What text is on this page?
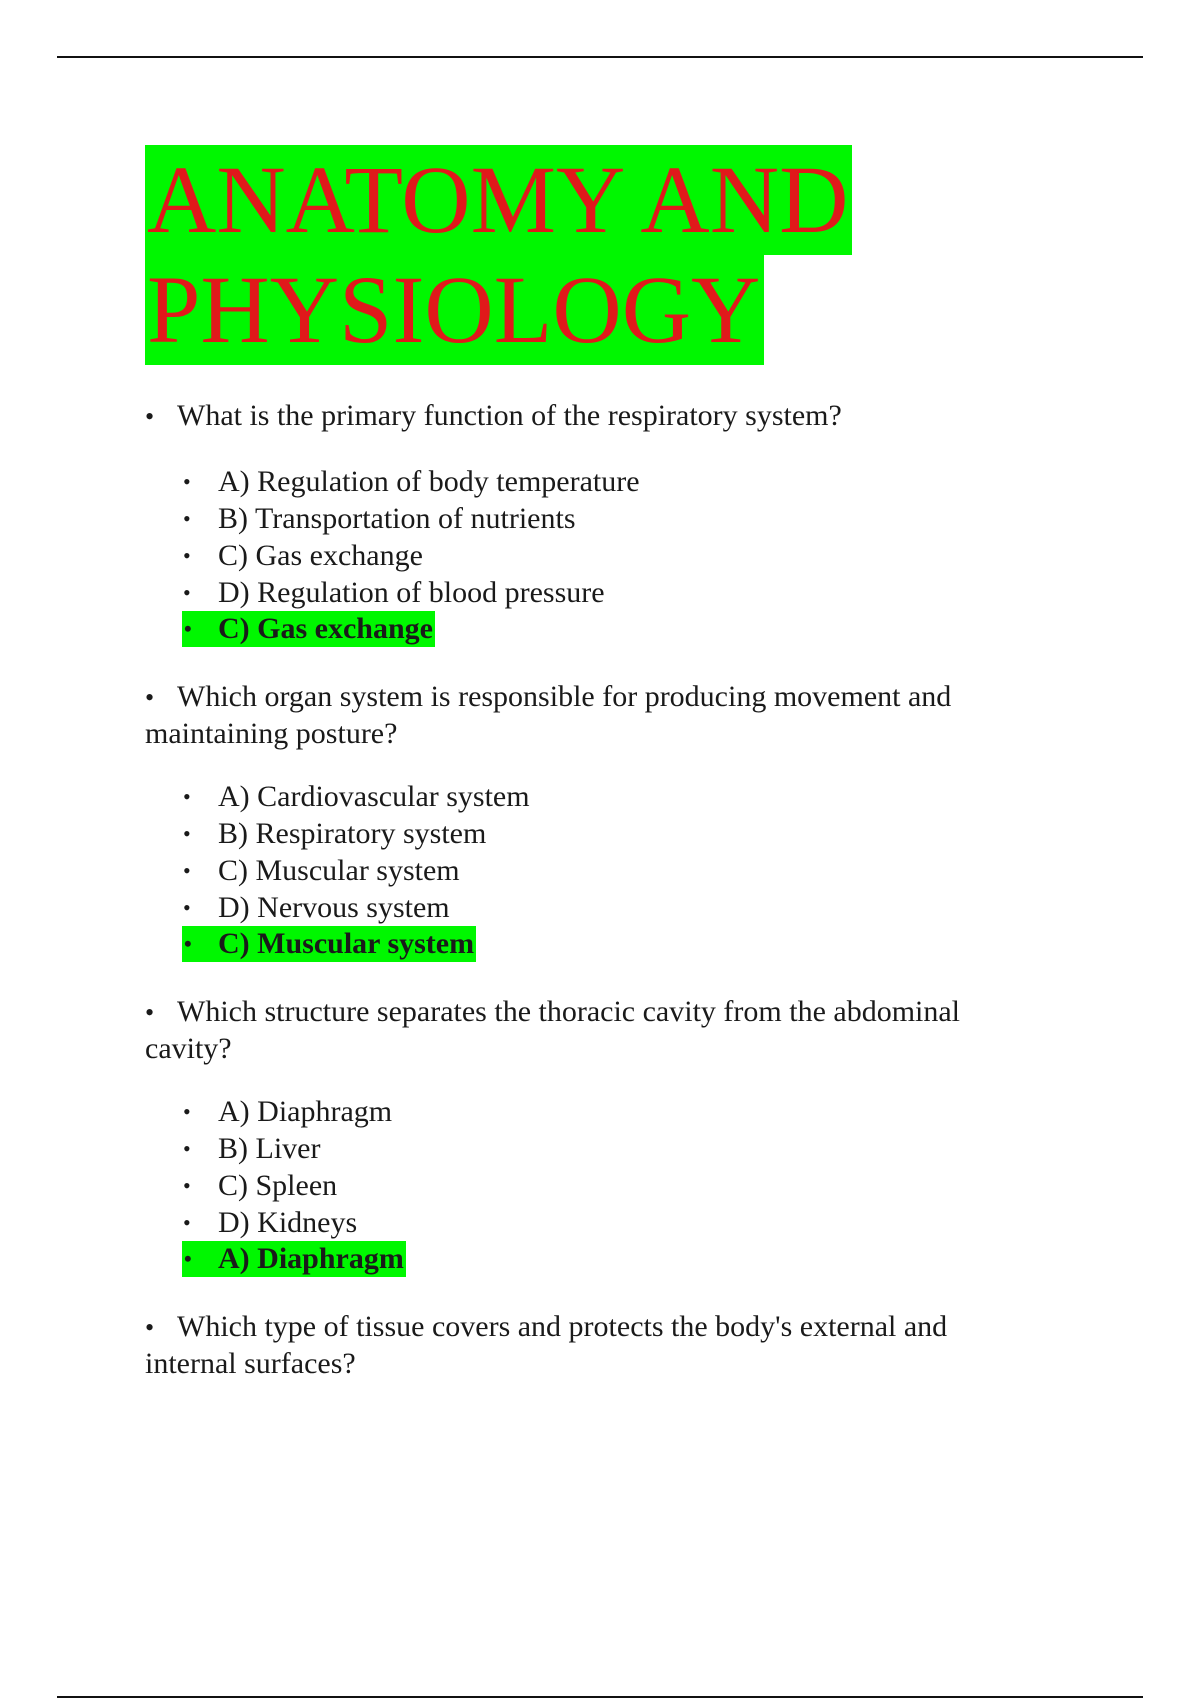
ANATOMY AND
PHYSIOLOGY

• What is the primary function of the respiratory system?

• A) Regulation of body temperature
• B) Transportation of nutrients
• C) Gas exchange
• D) Regulation of blood pressure
• C) Gas exchange

• Which organ system is responsible for producing movement and maintaining posture?

• A) Cardiovascular system
• B) Respiratory system
• C) Muscular system
• D) Nervous system
• C) Muscular system

• Which structure separates the thoracic cavity from the abdominal cavity?

• A) Diaphragm
• B) Liver
• C) Spleen
• D) Kidneys
• A) Diaphragm

• Which type of tissue covers and protects the body's external and internal surfaces?
